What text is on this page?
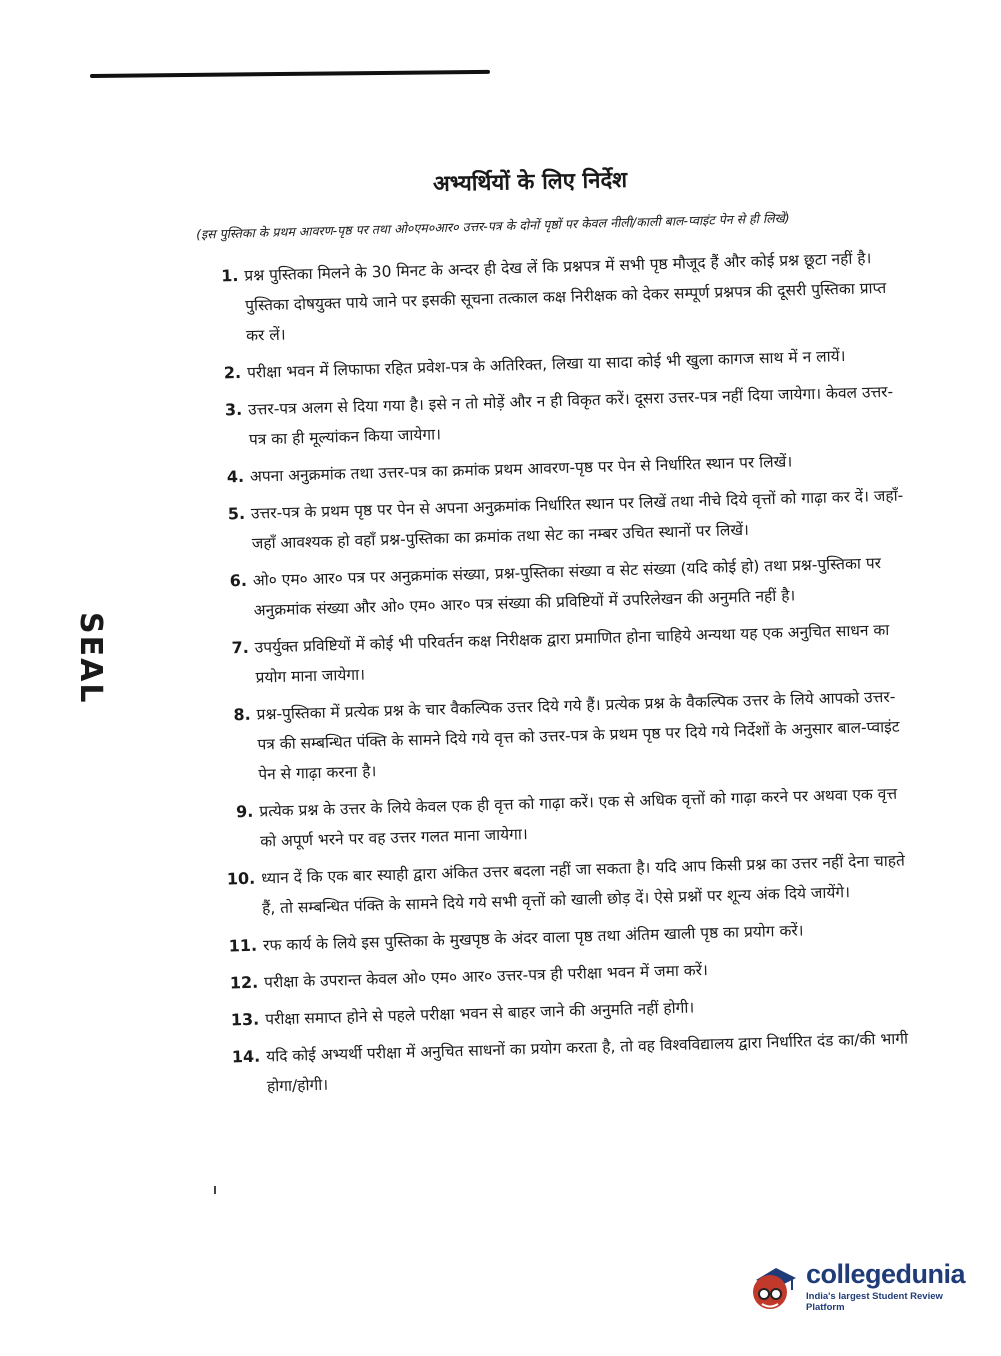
अभ्यर्थियों के लिए निर्देश
(इस पुस्तिका के प्रथम आवरण-पृष्ठ पर तथा ओ०एम०आर० उत्तर-पत्र के दोनों पृष्ठों पर केवल नीली/काली बाल-प्वाइंट पेन से ही लिखें)
SEAL
1. प्रश्न पुस्तिका मिलने के 30 मिनट के अन्दर ही देख लें कि प्रश्नपत्र में सभी पृष्ठ मौजूद हैं और कोई प्रश्न छूटा नहीं है। पुस्तिका दोषयुक्त पाये जाने पर इसकी सूचना तत्काल कक्ष निरीक्षक को देकर सम्पूर्ण प्रश्नपत्र की दूसरी पुस्तिका प्राप्त कर लें।
2. परीक्षा भवन में लिफाफा रहित प्रवेश-पत्र के अतिरिक्त, लिखा या सादा कोई भी खुला कागज साथ में न लायें।
3. उत्तर-पत्र अलग से दिया गया है। इसे न तो मोड़ें और न ही विकृत करें। दूसरा उत्तर-पत्र नहीं दिया जायेगा। केवल उत्तर-पत्र का ही मूल्यांकन किया जायेगा।
4. अपना अनुक्रमांक तथा उत्तर-पत्र का क्रमांक प्रथम आवरण-पृष्ठ पर पेन से निर्धारित स्थान पर लिखें।
5. उत्तर-पत्र के प्रथम पृष्ठ पर पेन से अपना अनुक्रमांक निर्धारित स्थान पर लिखें तथा नीचे दिये वृत्तों को गाढ़ा कर दें। जहाँ-जहाँ आवश्यक हो वहाँ प्रश्न-पुस्तिका का क्रमांक तथा सेट का नम्बर उचित स्थानों पर लिखें।
6. ओ० एम० आर० पत्र पर अनुक्रमांक संख्या, प्रश्न-पुस्तिका संख्या व सेट संख्या (यदि कोई हो) तथा प्रश्न-पुस्तिका पर अनुक्रमांक संख्या और ओ० एम० आर० पत्र संख्या की प्रविष्टियों में उपरिलेखन की अनुमति नहीं है।
7. उपर्युक्त प्रविष्टियों में कोई भी परिवर्तन कक्ष निरीक्षक द्वारा प्रमाणित होना चाहिये अन्यथा यह एक अनुचित साधन का प्रयोग माना जायेगा।
8. प्रश्न-पुस्तिका में प्रत्येक प्रश्न के चार वैकल्पिक उत्तर दिये गये हैं। प्रत्येक प्रश्न के वैकल्पिक उत्तर के लिये आपको उत्तर-पत्र की सम्बन्धित पंक्ति के सामने दिये गये वृत्त को उत्तर-पत्र के प्रथम पृष्ठ पर दिये गये निर्देशों के अनुसार बाल-प्वाइंट पेन से गाढ़ा करना है।
9. प्रत्येक प्रश्न के उत्तर के लिये केवल एक ही वृत्त को गाढ़ा करें। एक से अधिक वृत्तों को गाढ़ा करने पर अथवा एक वृत्त को अपूर्ण भरने पर वह उत्तर गलत माना जायेगा।
10. ध्यान दें कि एक बार स्याही द्वारा अंकित उत्तर बदला नहीं जा सकता है। यदि आप किसी प्रश्न का उत्तर नहीं देना चाहते हैं, तो सम्बन्धित पंक्ति के सामने दिये गये सभी वृत्तों को खाली छोड़ दें। ऐसे प्रश्नों पर शून्य अंक दिये जायेंगे।
11. रफ कार्य के लिये इस पुस्तिका के मुखपृष्ठ के अंदर वाला पृष्ठ तथा अंतिम खाली पृष्ठ का प्रयोग करें।
12. परीक्षा के उपरान्त केवल ओ० एम० आर० उत्तर-पत्र ही परीक्षा भवन में जमा करें।
13. परीक्षा समाप्त होने से पहले परीक्षा भवन से बाहर जाने की अनुमति नहीं होगी।
14. यदि कोई अभ्यर्थी परीक्षा में अनुचित साधनों का प्रयोग करता है, तो वह विश्वविद्यालय द्वारा निर्धारित दंड का/की भागी होगा/होगी।
collegedunia
India's largest Student Review Platform
